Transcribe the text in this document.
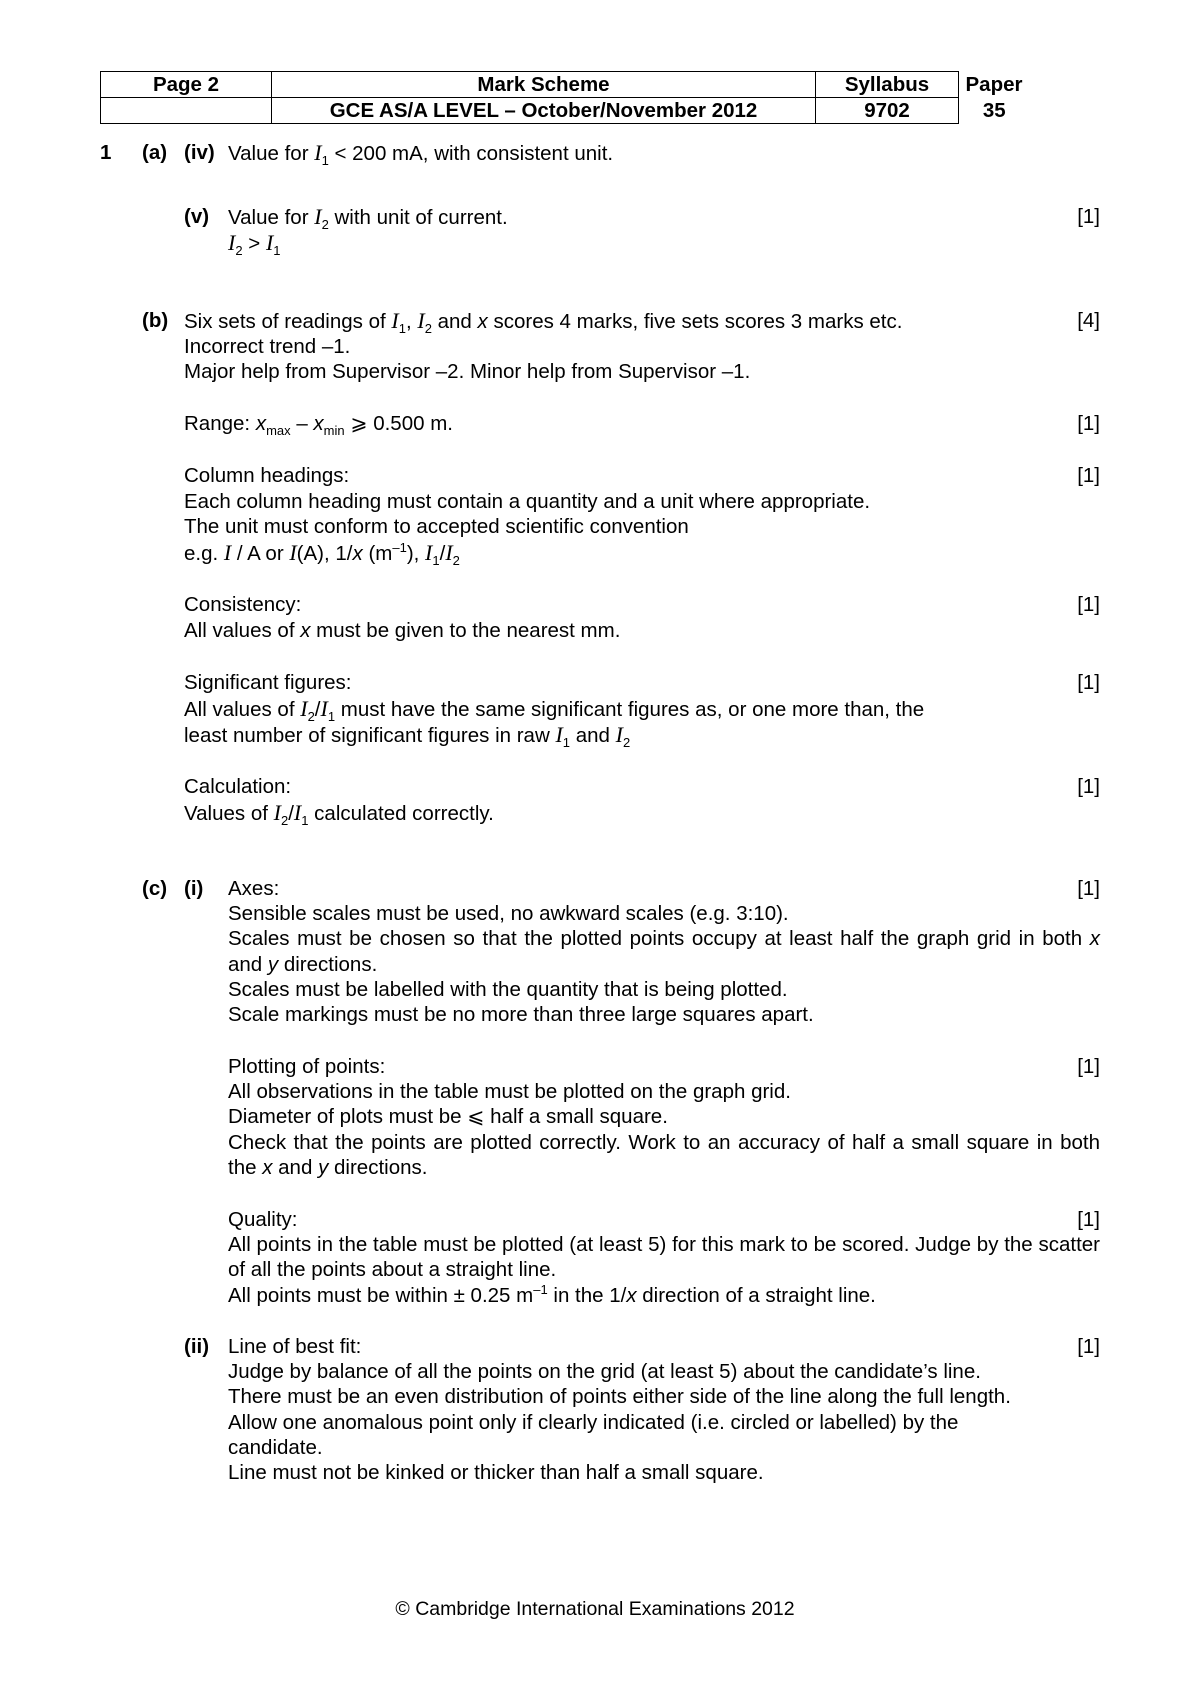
Page 2	Mark Scheme	Syllabus	Paper
	GCE AS/A LEVEL – October/November 2012	9702	35
1 (a) (iv) Value for $I_1 < 200$ mA, with consistent unit.
(v) Value for $I_2$ with unit of current.
$I_2 > I_1$
[1]
(b) Six sets of readings of $I_1$, $I_2$ and x scores 4 marks, five sets scores 3 marks etc.
Incorrect trend –1.
Major help from Supervisor –2. Minor help from Supervisor –1.
[4]
Range: $x_{max} - x_{min}$ ⩾ 0.500 m.	[1]
Column headings:
Each column heading must contain a quantity and a unit where appropriate.
The unit must conform to accepted scientific convention
e.g. I / A or I(A), 1/x $(m^{-1})$, $I_1/I_2$
[1]
Consistency:
All values of x must be given to the nearest mm.
[1]
Significant figures:
All values of $I_2/I_1$ must have the same significant figures as, or one more than, the
least number of significant figures in raw $I_1$ and $I_2$
[1]
Calculation:
Values of $I_2/I_1$ calculated correctly.
[1]
(c) (i) Axes:	[1]
Sensible scales must be used, no awkward scales (e.g. 3:10).
Scales must be chosen so that the plotted points occupy at least half the graph grid in both x and y directions.
Scales must be labelled with the quantity that is being plotted.
Scale markings must be no more than three large squares apart.
Plotting of points:	[1]
All observations in the table must be plotted on the graph grid.
Diameter of plots must be ⩽ half a small square.
Check that the points are plotted correctly. Work to an accuracy of half a small square in both the x and y directions.
Quality:	[1]
All points in the table must be plotted (at least 5) for this mark to be scored. Judge by the scatter of all the points about a straight line.
All points must be within ± 0.25 $m^{-1}$ in the 1/x direction of a straight line.
(ii) Line of best fit:	[1]
Judge by balance of all the points on the grid (at least 5) about the candidate’s line.
There must be an even distribution of points either side of the line along the full length.
Allow one anomalous point only if clearly indicated (i.e. circled or labelled) by the candidate.
Line must not be kinked or thicker than half a small square.
© Cambridge International Examinations 2012
